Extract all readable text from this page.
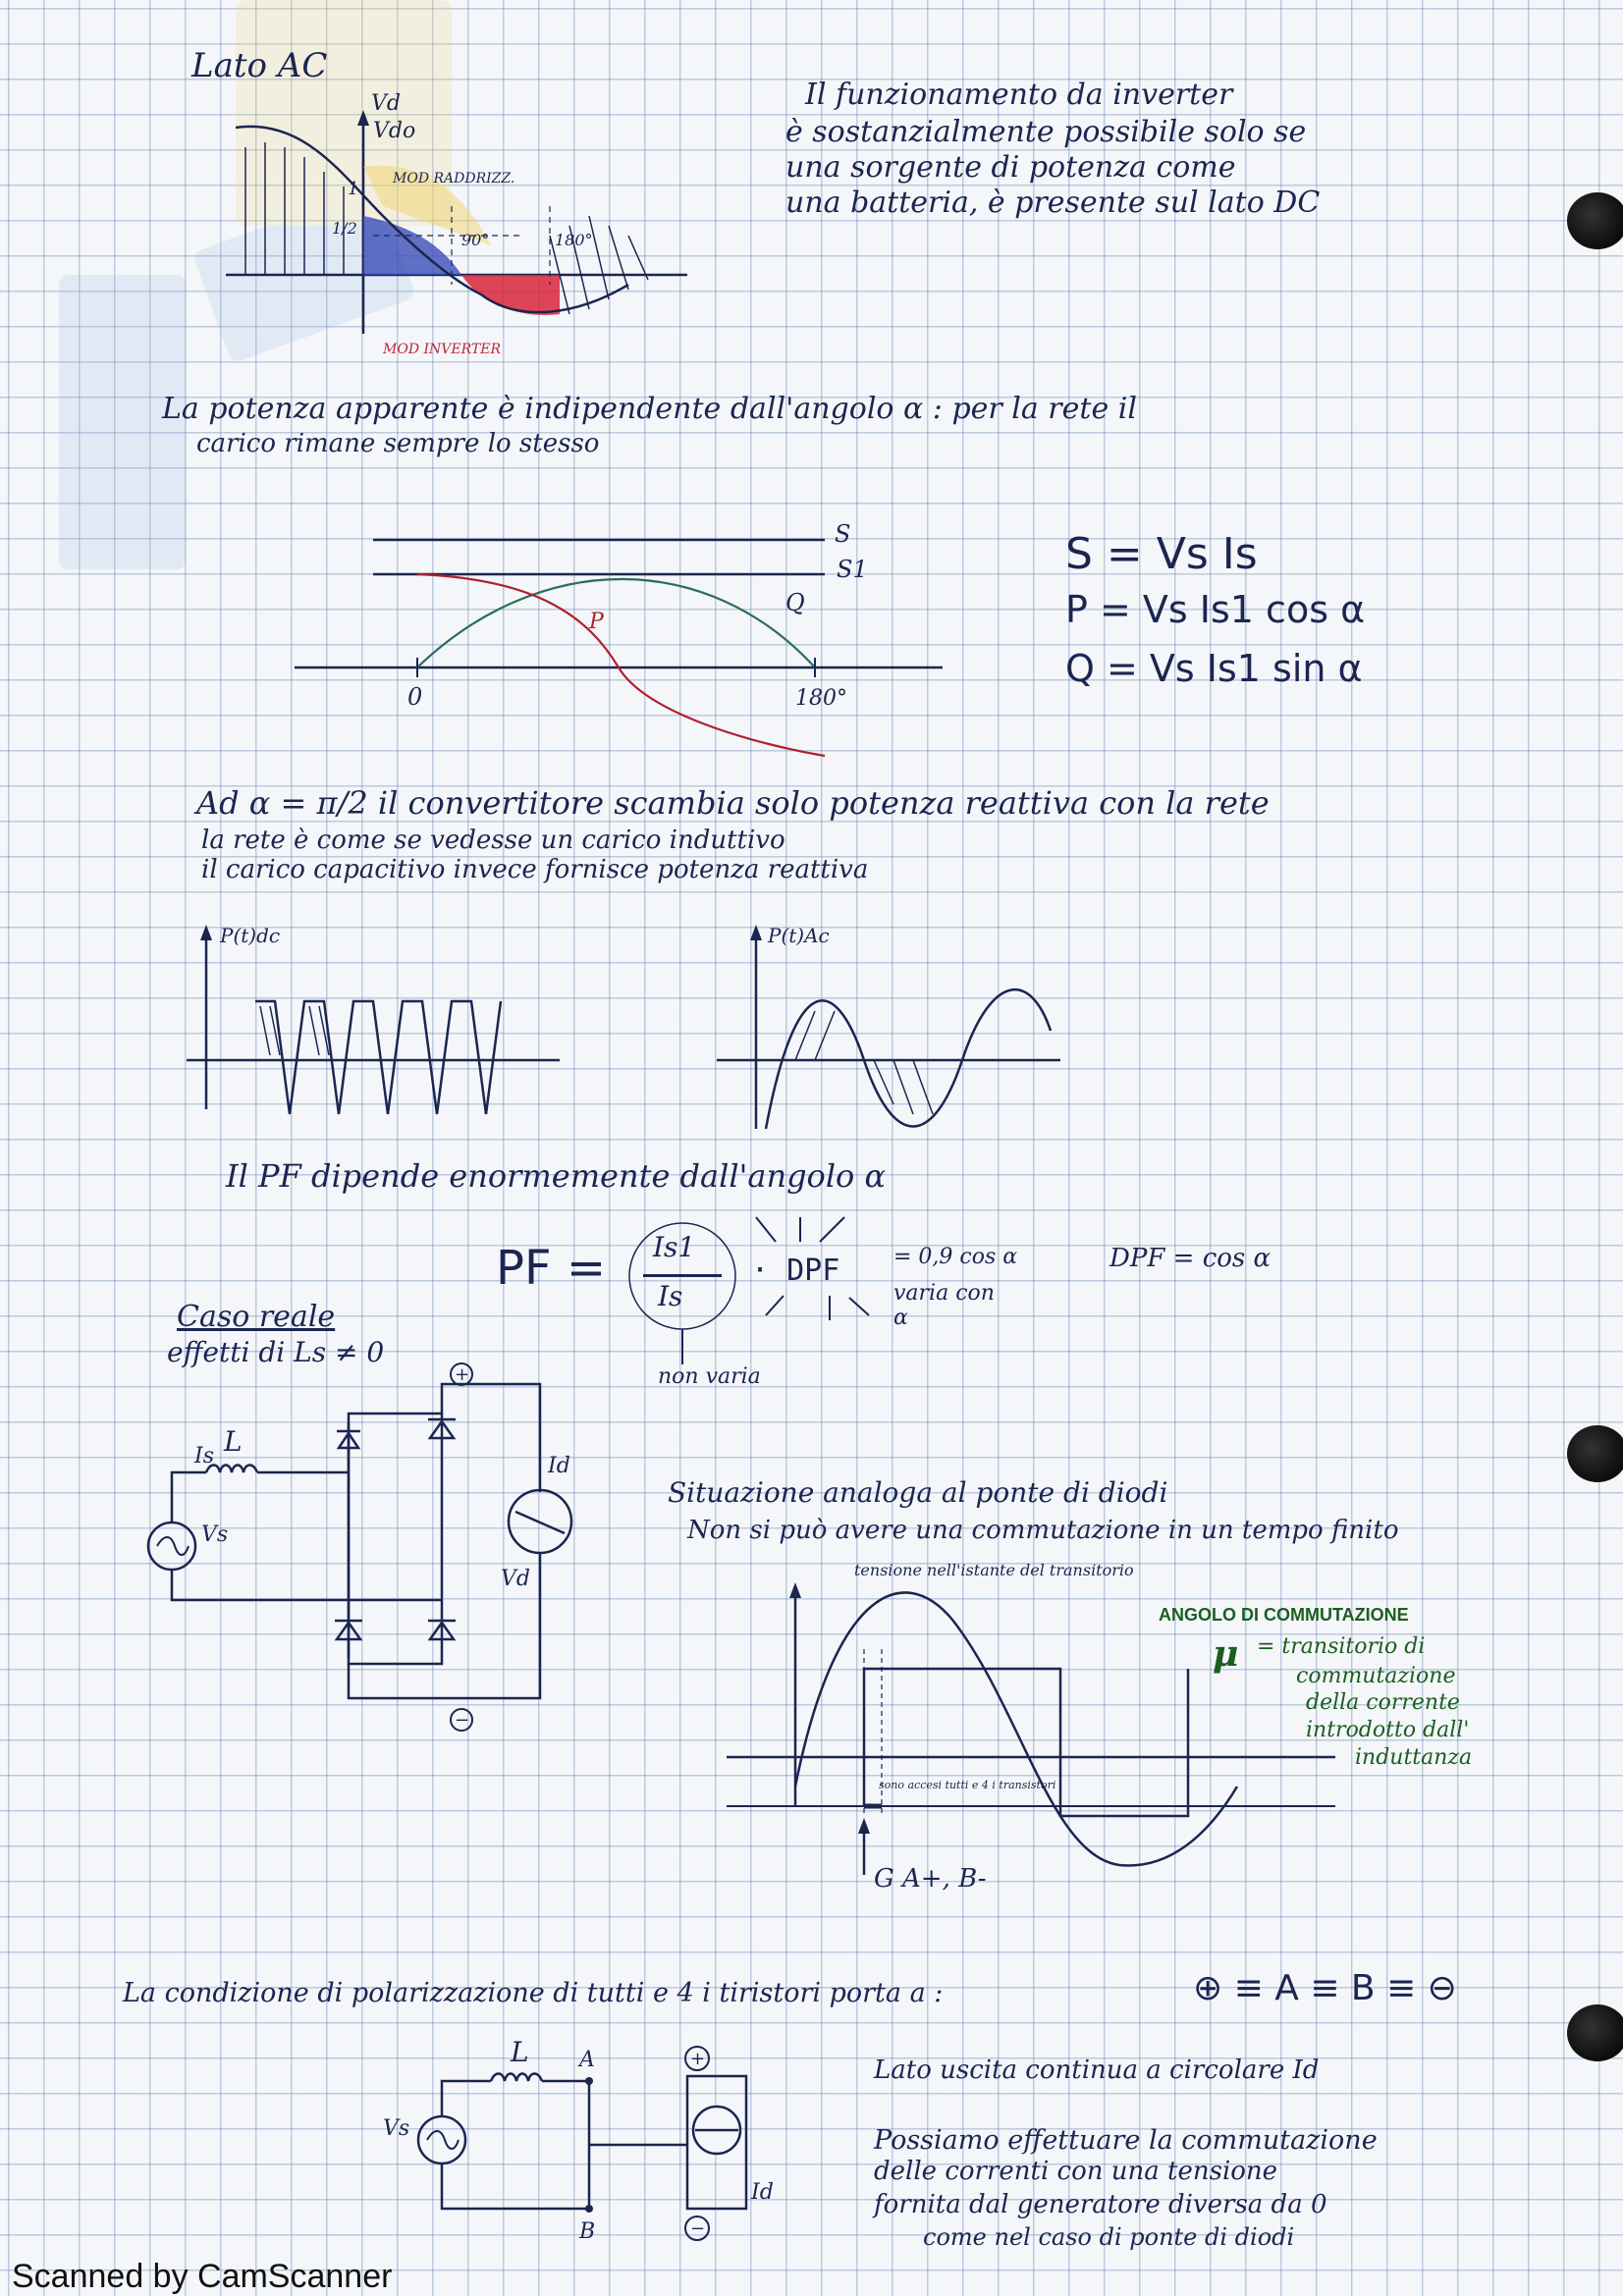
Lato AC
Vd
Vdo
1
1/2
MOD RADDRIZZ.
90°	180°
MOD INVERTER
Il funzionamento da inverter
è sostanzialmente possibile solo se
una sorgente di potenza come
una batteria, è presente sul lato DC
La potenza apparente è indipendente dall'angolo α : per la rete il
carico rimane sempre lo stesso
S
S1
P
Q
0	180°
S = Vs Is
P = Vs Is1 cos α
Q = Vs Is1 sin α
Ad α = π/2 il convertitore scambia solo potenza reattiva con la rete
la rete è come se vedesse un carico induttivo
il carico capacitivo invece fornisce potenza reattiva
P(t)dc	P(t)Ac
Il PF dipende enormemente dall'angolo α
PF = Is1
Is
· DPF = 0,9 cos α
varia con α
non varia
DPF = cos α
Caso reale
effetti di Ls ≠ 0
+
−
Is L
Vs
Id
Vd
Situazione analoga al ponte di diodi
Non si può avere una commutazione in un tempo finito
tensione nell'istante del transitorio
sono accesi tutti e 4 i transistori
G A+, B-
ANGOLO DI COMMUTAZIONE
μ = transitorio di
commutazione
della corrente
introdotto dall'
induttanza
La condizione di polarizzazione di tutti e 4 i tiristori porta a :	⊕ ≡ A ≡ B ≡ ⊖
+
−
L A
B
Vs
Id
Lato uscita continua a circolare Id
Possiamo effettuare la commutazione
delle correnti con una tensione
fornita dal generatore diversa da 0
come nel caso di ponte di diodi
Scanned by CamScanner
